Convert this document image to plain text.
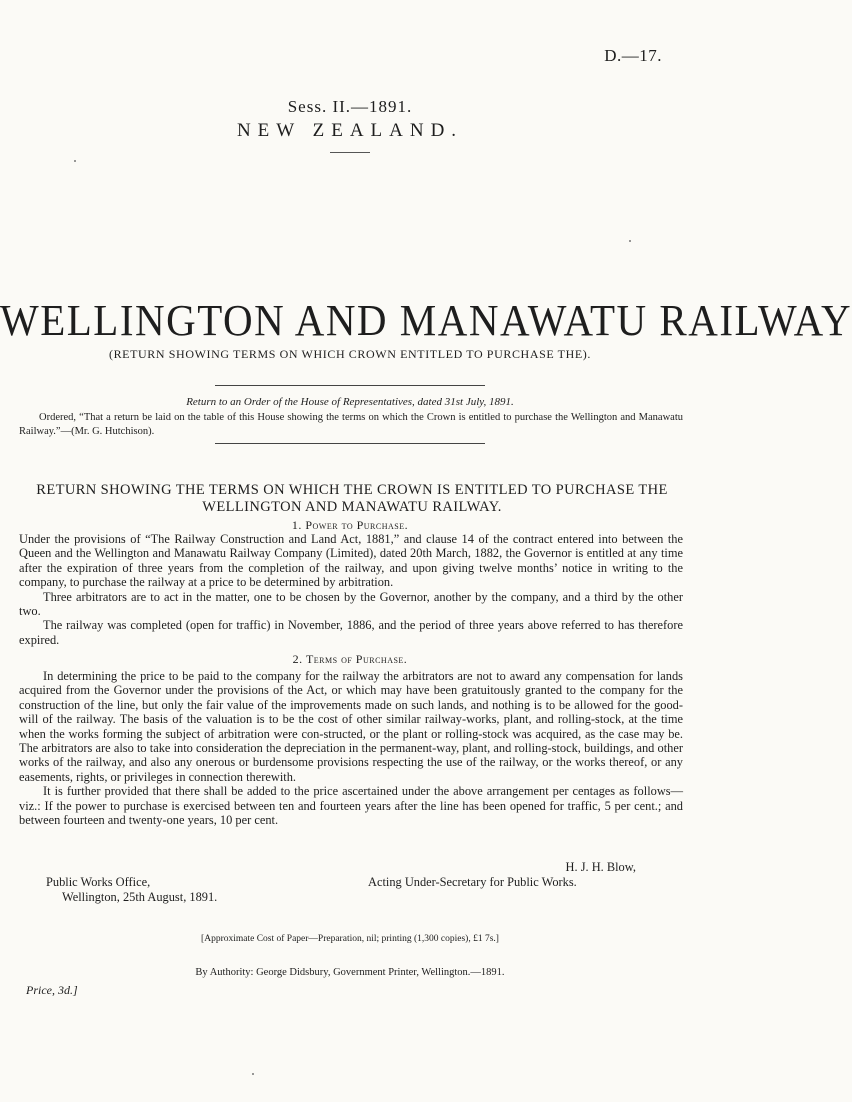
D.—17.
Sess. II.—1891.
NEW ZEALAND.
WELLINGTON AND MANAWATU RAILWAY
(RETURN SHOWING TERMS ON WHICH CROWN ENTITLED TO PURCHASE THE).
Return to an Order of the House of Representatives, dated 31st July, 1891.
Ordered, “That a return be laid on the table of this House showing the terms on which the Crown is entitled to purchase the Wellington and Manawatu Railway.”—(Mr. G. Hutchison).
RETURN SHOWING THE TERMS ON WHICH THE CROWN IS ENTITLED TO PURCHASE THE WELLINGTON AND MANAWATU RAILWAY.
1. Power to Purchase.

Under the provisions of “The Railway Construction and Land Act, 1881,” and clause 14 of the contract entered into between the Queen and the Wellington and Manawatu Railway Company (Limited), dated 20th March, 1882, the Governor is entitled at any time after the expiration of three years from the completion of the railway, and upon giving twelve months’ notice in writing to the company, to purchase the railway at a price to be determined by arbitration.

Three arbitrators are to act in the matter, one to be chosen by the Governor, another by the company, and a third by the other two.

The railway was completed (open for traffic) in November, 1886, and the period of three years above referred to has therefore expired.

2. Terms of Purchase.

In determining the price to be paid to the company for the railway the arbitrators are not to award any compensation for lands acquired from the Governor under the provisions of the Act, or which may have been gratuitously granted to the company for the construction of the line, but only the fair value of the improvements made on such lands, and nothing is to be allowed for the good-will of the railway. The basis of the valuation is to be the cost of other similar railway-works, plant, and rolling-stock, at the time when the works forming the subject of arbitration were con-structed, or the plant or rolling-stock was acquired, as the case may be. The arbitrators are also to take into consideration the depreciation in the permanent-way, plant, and rolling-stock, buildings, and other works of the railway, and also any onerous or burdensome provisions respecting the use of the railway, or the works thereof, or any easements, rights, or privileges in connection therewith.

It is further provided that there shall be added to the price ascertained under the above arrangement per centages as follows—viz.: If the power to purchase is exercised between ten and fourteen years after the line has been opened for traffic, 5 per cent.; and between fourteen and twenty-one years, 10 per cent.

H. J. H. Blow,
Public Works Office,
Wellington, 25th August, 1891.
Acting Under-Secretary for Public Works.
[Approximate Cost of Paper—Preparation, nil; printing (1,300 copies), £1 7s.]
By Authority: George Didsbury, Government Printer, Wellington.—1891.
Price, 3d.]
